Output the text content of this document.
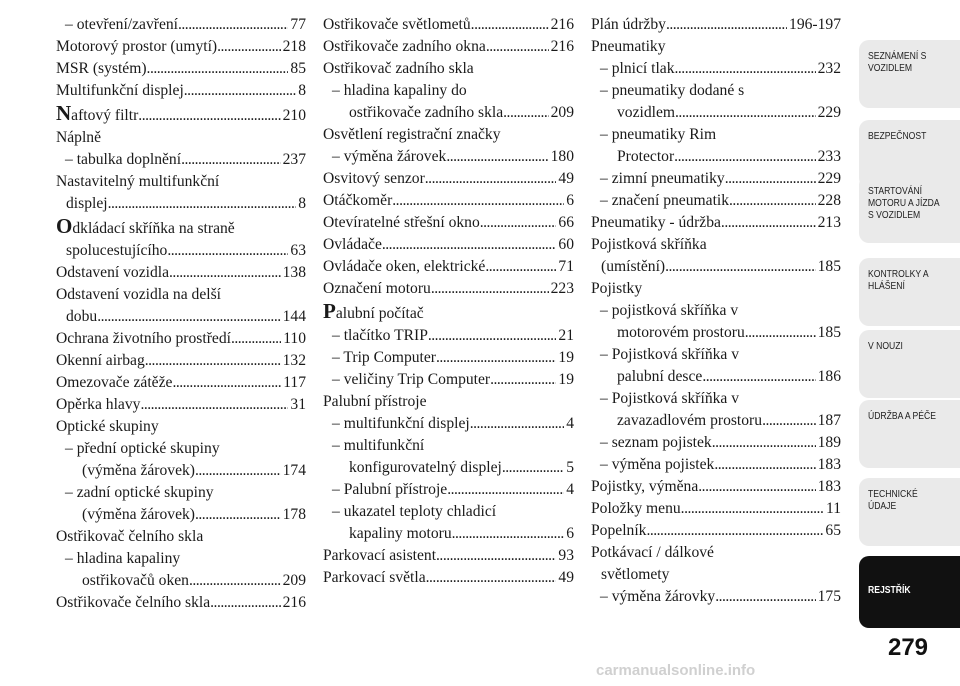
– otevření/zavření . . .	77
Motorový prostor (umytí) . . .	218
MSR (systém) . . .	85
Multifunkční displej . . .	8
Naftový filtr . . .	210
Náplně
– tabulka doplnění . . .	237
Nastavitelný multifunkční
displej . . .	8
Odkládací skříňka na straně
spolucestujícího . . .	63
Odstavení vozidla . . .	138
Odstavení vozidla na delší
dobu . . .	144
Ochrana životního prostředí . . .	110
Okenní airbag . . .	132
Omezovače zátěže . . .	117
Opěrka hlavy . . .	31
Optické skupiny
– přední optické skupiny
(výměna žárovek) . . .	174
– zadní optické skupiny
(výměna žárovek) . . .	178
Ostřikovač čelního skla
– hladina kapaliny
ostřikovačů oken . . .	209
Ostřikovače čelního skla . . .	216
Ostřikovače světlometů . . .	216
Ostřikovače zadního okna . . .	216
Ostřikovač zadního skla
– hladina kapaliny do
ostřikovače zadního skla . . .	209
Osvětlení registrační značky
– výměna žárovek . . .	180
Osvitový senzor . . .	49
Otáčkoměr . . .	6
Otevíratelné střešní okno . . .	66
Ovládače . . .	60
Ovládače oken, elektrické . . .	71
Označení motoru . . .	223
Palubní počítač
– tlačítko TRIP . . .	21
– Trip Computer . . .	19
– veličiny Trip Computer . . .	19
Palubní přístroje
– multifunkční displej . . .	4
– multifunkční
konfigurovatelný displej . . .	5
– Palubní přístroje . . .	4
– ukazatel teploty chladicí
kapaliny motoru . . .	6
Parkovací asistent . . .	93
Parkovací světla . . .	49
Plán údržby . . .	196-197
Pneumatiky
– plnicí tlak . . .	232
– pneumatiky dodané s
vozidlem . . .	229
– pneumatiky Rim
Protector . . .	233
– zimní pneumatiky . . .	229
– značení pneumatik . . .	228
Pneumatiky - údržba . . .	213
Pojistková skříňka
(umístění) . . .	185
Pojistky
– pojistková skříňka v
motorovém prostoru . . .	185
– Pojistková skříňka v
palubní desce . . .	186
– Pojistková skříňka v
zavazadlovém prostoru . . .	187
– seznam pojistek . . .	189
– výměna pojistek . . .	183
Pojistky, výměna . . .	183
Položky menu . . .	11
Popelník . . .	65
Potkávací / dálkové
světlomety
– výměna žárovky . . .	175
SEZNÁMENÍ S
VOZIDLEM
BEZPEČNOST
STARTOVÁNÍ
MOTORU A JÍZDA
S VOZIDLEM
KONTROLKY A
HLÁŠENÍ
V NOUZI
ÚDRŽBA A PÉČE
TECHNICKÉ
ÚDAJE
REJSTŘÍK
279
carmanualsonline.info
